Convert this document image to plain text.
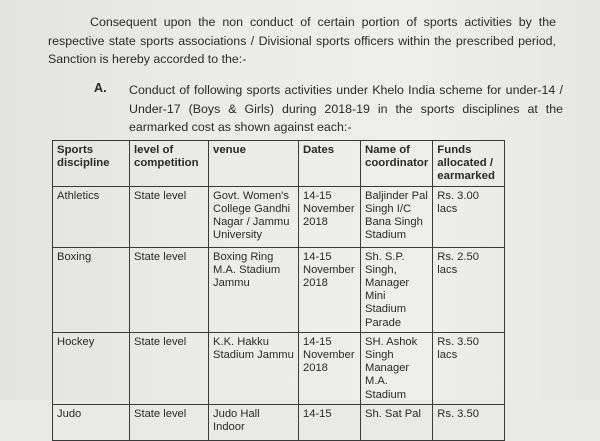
Consequent upon the non conduct of certain portion of sports activities by the respective state sports associations / Divisional sports officers within the prescribed period, Sanction is hereby accorded to the:-
A. Conduct of following sports activities under Khelo India scheme for under-14 / Under-17 (Boys & Girls) during 2018-19 in the sports disciplines at the earmarked cost as shown against each:-
Sports discipline	level of competition	venue	Dates	Name of coordinator	Funds allocated / earmarked
Athletics	State level	Govt. Women's College Gandhi Nagar / Jammu University	14-15 November 2018	Baljinder Pal Singh I/C Bana Singh Stadium	Rs. 3.00 lacs
Boxing	State level	Boxing Ring M.A. Stadium Jammu	14-15 November 2018	Sh. S.P. Singh, Manager Mini Stadium Parade	Rs. 2.50 lacs
Hockey	State level	K.K. Hakku Stadium Jammu	14-15 November 2018	SH. Ashok Singh Manager M.A. Stadium	Rs. 3.50 lacs
Judo	State level	Judo Hall Indoor	14-15	Sh. Sat Pal	Rs. 3.50
